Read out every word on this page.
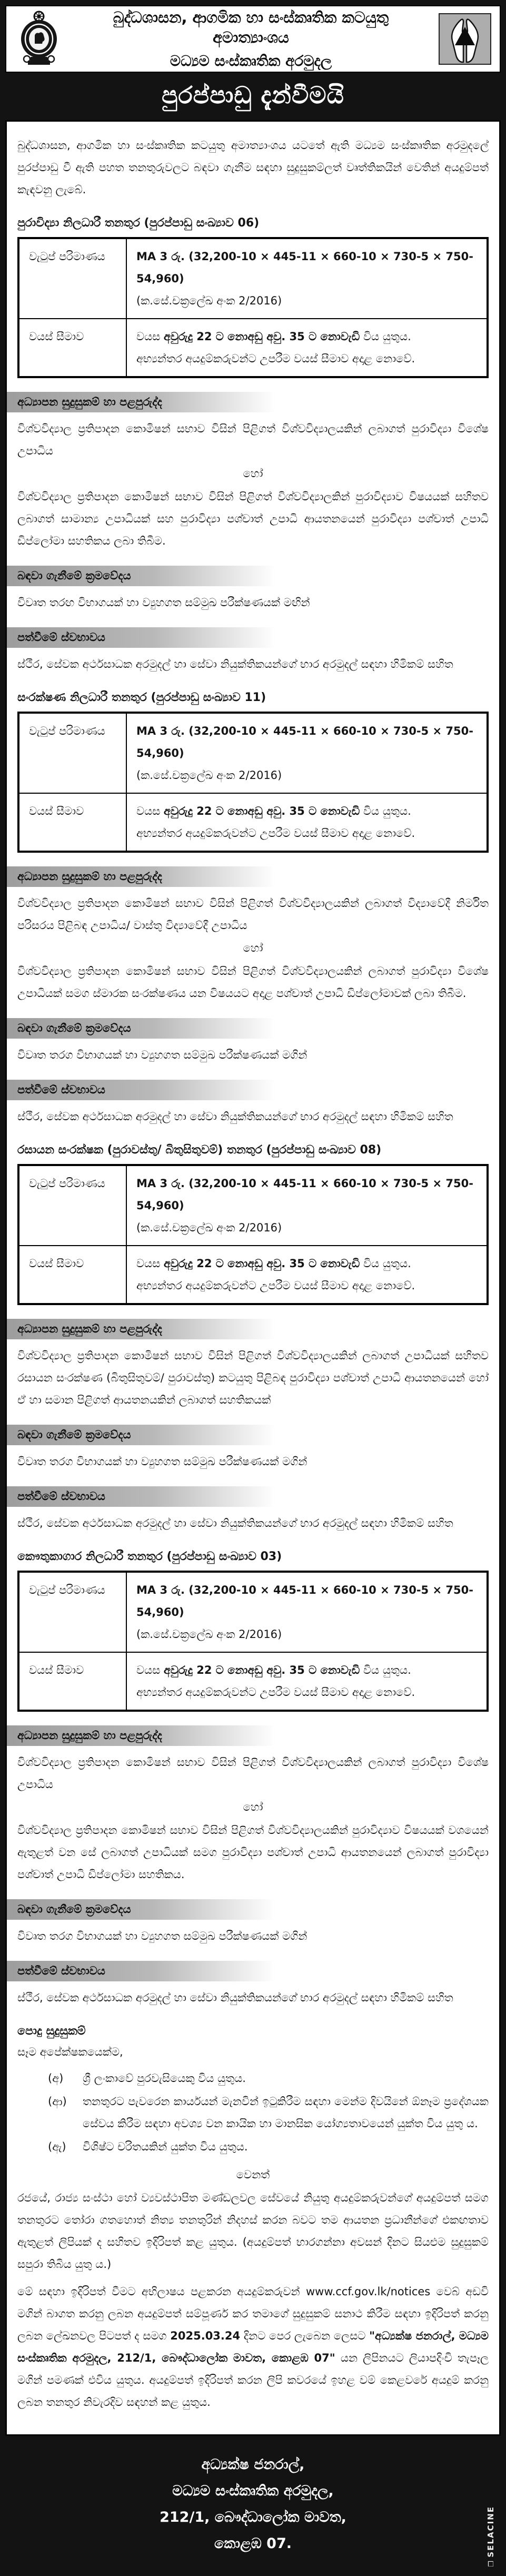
බුද්ධශාසන, ආගමික හා සංස්කෘතික කටයුතු අමාත්‍යාංශය
මධ්‍යම සංස්කෘතික අරමුදල
පුරප්පාඩු දැන්වීමයි

බුද්ධශාසන, ආගමික හා සංස්කෘතික කටයුතු අමාත්‍යාංශය යටතේ ඇති මධ්‍යම සංස්කෘතික අරමුදලේ පුරප්පාඩු වී ඇති පහත තනතුරුවලට බඳවා ගැනීම සඳහා සුදුසුකම්ලත් වෘත්තිකයින් වෙතින් අයදුම්පත් කැඳවනු ලැබේ.

පුරාවිද්‍යා නිලධාරී තනතුර (පුරප්පාඩු සංඛ්‍යාව 06)
වැටුප් පරිමාණය	MA 3 රු. (32,200-10 × 445-11 × 660-10 × 730-5 × 750- 54,960)
(ක.සේ.චක්‍රලේඛ අංක 2/2016)

වයස් සීමාව	වයස අවුරුදු 22 ට නොඅඩු අවු. 35 ට නොවැඩි විය යුතුය.
අභ්‍යන්තර අයදුම්කරුවන්ට උපරීම වයස් සීමාව අදාළ නොවේ.
අධ්‍යාපන සුදුසුකම් හා පළපුරුද්ද

විශ්වවිද්‍යාල ප්‍රතිපාදන කොමිෂන් සභාව විසින් පිළිගත් විශ්වවිද්‍යාලයකින් ලබාගත් පුරාවිද්‍යා විශේෂ උපාධිය

හෝ

විශ්වවිද්‍යාල ප්‍රතිපාදන කොමිෂන් සභාව විසින් පිළිගත් විශ්වවිද්‍යාලකින් පුරාවිද්‍යාව විෂයයක් සහිතව ලබාගත් සාමාන්‍ය උපාධියක් සහ පුරාවිද්‍යා පශ්චාත් උපාධි ආයතනයෙන් පුරාවිද්‍යා පශ්චාත් උපාධි ඩිප්ලෝමා සහතිකය ලබා තිබීම.

බඳවා ගැනීමේ ක්‍රමවේදය

විවෘත තරඟ විභාගයක් හා ව්‍යුහගත සම්මුඛ පරීක්ෂණයක් මඟින්

පත්වීමේ ස්වභාවය

ස්ථීර, සේවක අර්ථසාධක අරමුදල් හා සේවා නියුක්තිකයන්ගේ භාර අරමුදල් සඳහා හිමිකම් සහිත

සංරක්ෂණ නිලධාරී තනතුර (පුරප්පාඩු සංඛ්‍යාව 11)
වැටුප් පරිමාණය	MA 3 රු. (32,200-10 × 445-11 × 660-10 × 730-5 × 750-54,960)
(ක.සේ.චක්‍රලේඛ අංක 2/2016)

වයස් සීමාව	වයස අවුරුදු 22 ට නොඅඩු අවු. 35 ට නොවැඩි විය යුතුය.
අභ්‍යන්තර අයදුම්කරුවන්ට උපරීම වයස් සීමාව අදාළ නොවේ.
අධ්‍යාපන සුදුසුකම් හා පළපුරුද්ද

විශ්වවිද්‍යාල ප්‍රතිපාදන කොමිෂන් සභාව විසින් පිළිගත් විශ්වවිද්‍යාලයකින් ලබාගත් විද්‍යාවේදී නිර්මිත පරිසරය පිළිබඳ උපාධිය/ වාස්තු විද්‍යාවේදී උපාධිය

හෝ

විශ්වවිද්‍යාල ප්‍රතිපාදන කොමිෂන් සභාව විසින් පිළිගත් විශ්වවිද්‍යාලයකින් ලබාගත් පුරාවිද්‍යා විශේෂ උපාධියක් සමග ස්මාරක සංරක්ෂණය යන විෂයයට අදාළ පශ්චාත් උපාධි ඩිප්ලෝමාවක් ලබා තිබීම.

බඳවා ගැනීමේ ක්‍රමවේදය

විවෘත තරග විභාගයක් හා ව්‍යුහගත සම්මුඛ පරීක්ෂණයක් මගින්

පත්වීමේ ස්වභාවය

ස්ථීර, සේවක අර්ථසාධක අරමුදල් හා සේවා නියුක්තිකයන්ගේ භාර අරමුදල් සඳහා හිමිකම් සහිත

රසායන සංරක්ෂක (පුරාවස්තු/ බිතුසිතුවම්) තනතුර (පුරප්පාඩු සංඛ්‍යාව 08)
වැටුප් පරිමාණය	MA 3 රු. (32,200-10 × 445-11 × 660-10 × 730-5 × 750-54,960)
(ක.සේ.චක්‍රලේඛ අංක 2/2016)

වයස් සීමාව	වයස අවුරුදු 22 ට නොඅඩු අවු. 35 ට නොවැඩි විය යුතුය.
අභ්‍යන්තර අයදුම්කරුවන්ට උපරීම වයස් සීමාව අදාළ නොවේ.
අධ්‍යාපන සුදුසුකම් හා පළපුරුද්ද

විශ්වවිද්‍යාල ප්‍රතිපාදන කොමිෂන් සභාව විසින් පිළිගත් විශ්වවිද්‍යාලයකින් ලබාගත් උපාධියක් සහිතව රසායන සංරක්ෂණ (බිතුසිතුවම්/ පුරාවස්තු) කටයුතු පිළිබඳ පුරාවිද්‍යා පශ්චාත් උපාධි ආයතනයෙන් හෝ ඒ හා සමාන පිළිගත් ආයතනයකින් ලබාගත් සහතිකයක්

බඳවා ගැනීමේ ක්‍රමවේදය

විවෘත තරග විභාගයක් හා ව්‍යුහගත සම්මුඛ පරීක්ෂණයක් මගින්

පත්වීමේ ස්වභාවය

ස්ථීර, සේවක අර්ථසාධක අරමුදල් හා සේවා නියුක්තිකයන්ගේ භාර අරමුදල් සඳහා හිමිකම් සහිත

කෞතුකාගාර නිලධාරී තනතුර (පුරප්පාඩු සංඛ්‍යාව 03)
වැටුප් පරිමාණය	MA 3 රු. (32,200-10 × 445-11 × 660-10 × 730-5 × 750-54,960)
(ක.සේ.චක්‍රලේඛ අංක 2/2016)

වයස් සීමාව	වයස අවුරුදු 22 ට නොඅඩු අවු. 35 ට නොවැඩි විය යුතුය.
අභ්‍යන්තර අයදුම්කරුවන්ට උපරීම වයස් සීමාව අදාළ නොවේ.
අධ්‍යාපන සුදුසුකම් හා පළපුරුද්ද

විශ්වවිද්‍යාල ප්‍රතිපාදන කොමිෂන් සභාව විසින් පිළිගත් විශ්වවිද්‍යාලයකින් ලබාගත් පුරාවිද්‍යා විශේෂ උපාධිය

හෝ

විශ්වවිද්‍යාල ප්‍රතිපාදන කොමිෂන් සභාව විසින් පිළිගත් විශ්වවිද්‍යාලයකින් පුරාවිද්‍යාව විෂයයක් වශයෙන් ඇතුළත් වන සේ ලබාගත් උපාධියක් සමග පුරාවිද්‍යා පශ්චාත් උපාධි ආයතනයෙන් ලබාගත් පුරාවිද්‍යා පශ්චාත් උපාධි ඩිප්ලෝමා සහතිකය.

බඳවා ගැනීමේ ක්‍රමවේදය

විවෘත තරග විභාගයක් හා ව්‍යුහගත සම්මුඛ පරීක්ෂණයක් මගින්

පත්වීමේ ස්වභාවය

ස්ථීර, සේවක අර්ථසාධක අරමුදල් හා සේවා නියුක්තිකයන්ගේ භාර අරමුදල් සඳහා හිමිකම් සහිත

පොදු සුදුසුකම්
සෑම අපේක්ෂකයෙක්ම,
(අ)	ශ්‍රී ලංකාවේ පුරවැසියෙකු විය යුතුය.
(ආ)	තනතුරට පැවරෙන කාර්යයන් මැනවින් ඉටුකිරීම සඳහා මෙන්ම දිවයිනේ ඕනෑම ප්‍රදේශයක සේවය කිරීම සඳහා අවශ්‍ය වන කායික හා මානසික යෝග්‍යතාවයෙන් යුක්ත විය යුතු ය.
(ඇ)	විශිෂ්ට චරිතයකින් යුක්ත විය යුතුය.

වෙනත්

රජයේ, රාජ්‍ය සංස්ථා හෝ ව්‍යවස්ථාපිත මණ්ඩලවල සේවයේ නියුතු අයදුම්කරුවන්ගේ අයදුම්පත් සමග තනතුරට තෝරා ගතහොත් නිත්‍ය තනතුරින් නිදහස් කරන බවට තම ආයතන ප්‍රධානීන්ගේ එකඟතාව ඇතුළත් ලිපියක් ද සහිතව ඉදිරිපත් කළ යුතුය. (අයදුම්පත් භාරගන්නා අවසන් දිනට සියළුම සුදුසුකම් සපුරා තිබිය යුතු ය.)

මේ සඳහා ඉදිරිපත් වීමට අභිලාෂය පළකරන අයදුම්කරුවන් www.ccf.gov.lk/notices වෙබ් අඩවි මගින් බාගත කරනු ලබන අයදුම්පත් සම්පූර්ණ කර තමාගේ සුදුසුකම් සනාථ කිරීම සඳහා ඉදිරිපත් කරනු ලබන ලේඛනවල පිටපත් ද සමග 2025.03.24 දිනට පෙර ලැබෙන ලෙසට "අධ්‍යක්ෂ ජනරාල්, මධ්‍යම සංස්කෘතික අරමුදල, 212/1, බෞද්ධාලෝක මාවත, කොළඹ 07" යන ලිපිනයට ලියාපදිංචි තැපෑල මගින් පමණක් එවිය යුතුය. අයදුම්පත් ඉදිරිපත් කරන ලිපි කවරයේ ඉහළ වම් කෙළවරේ අයදුම් කරනු ලබන තනතුර නිවැරදිව සඳහන් කළ යුතුය.

අධ්‍යක්ෂ ජනරාල්,
මධ්‍යම සංස්කෘතික අරමුදල,
212/1, බෞද්ධාලෝක මාවත,
කොළඹ 07.
❑
SELACINE
